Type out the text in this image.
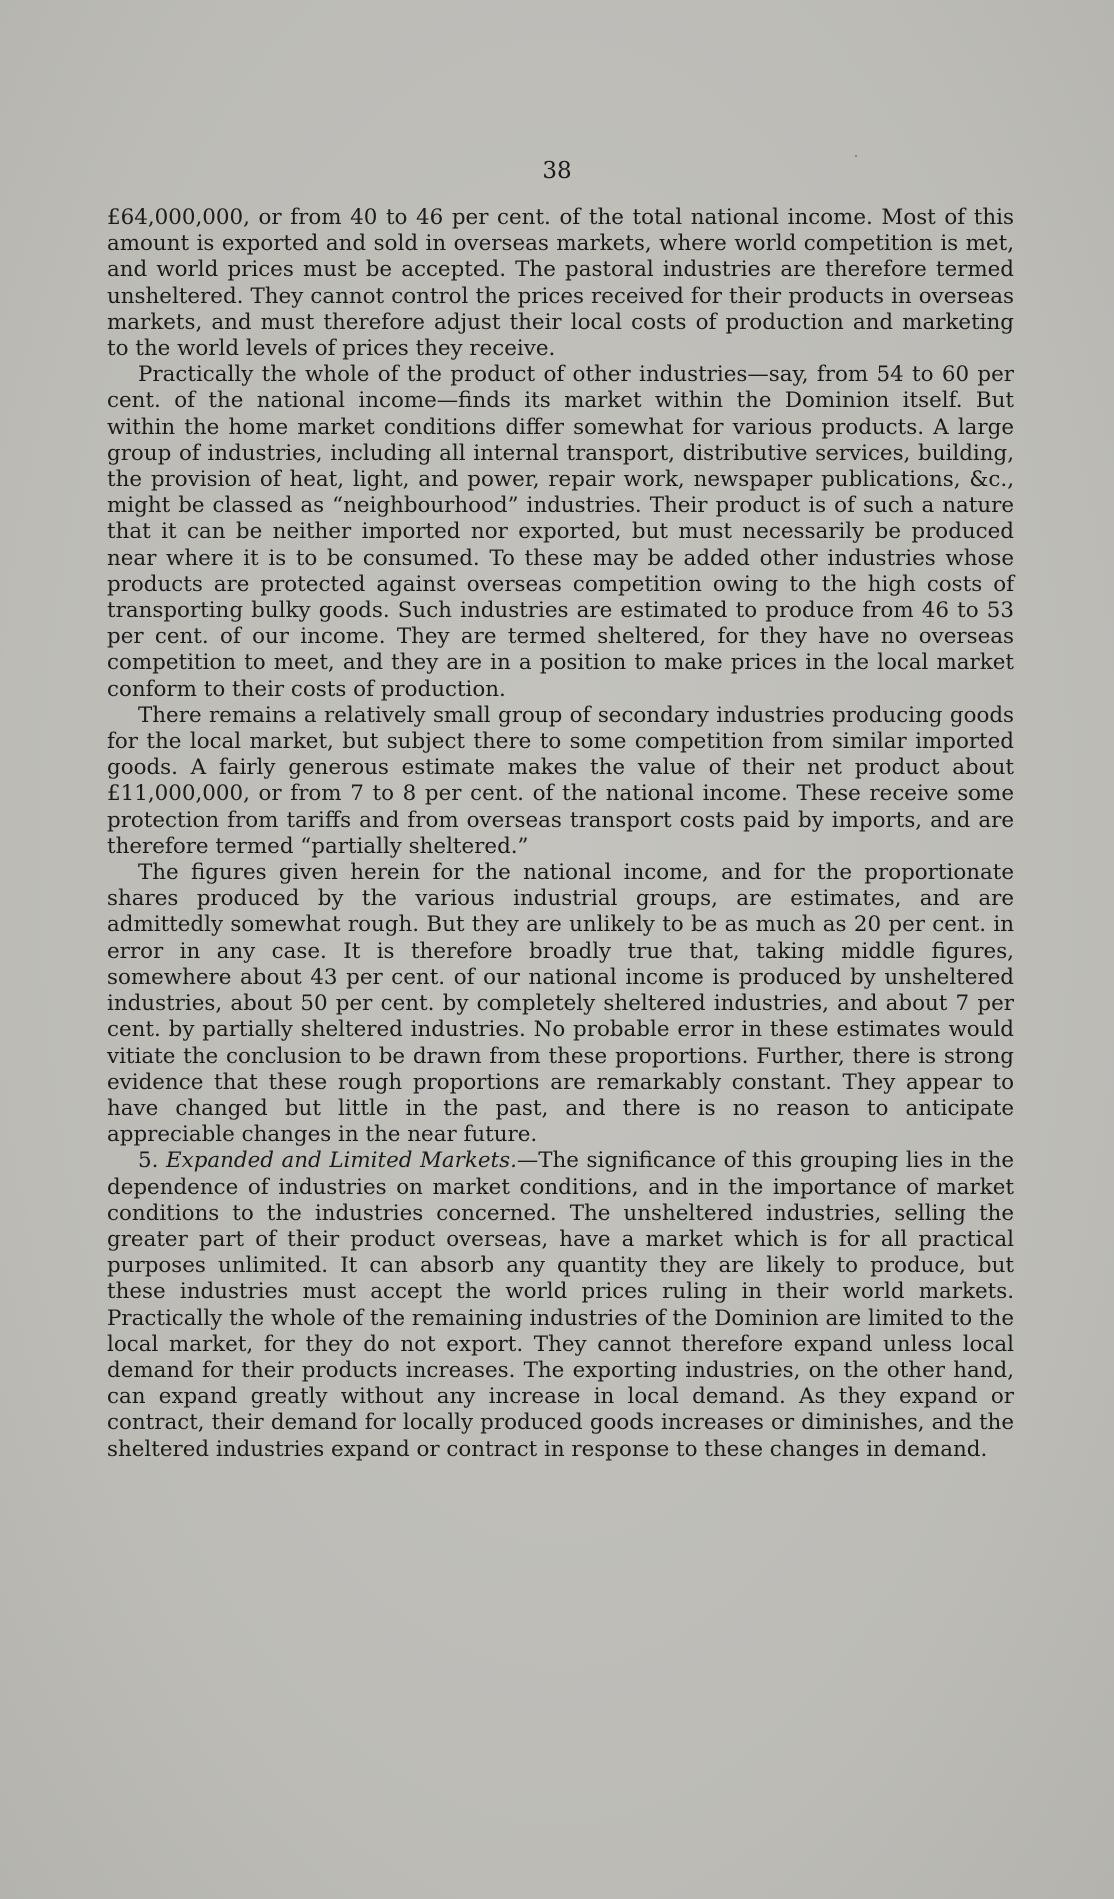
38

£64,000,000, or from 40 to 46 per cent. of the total national income. Most of this amount is exported and sold in overseas markets, where world competition is met, and world prices must be accepted. The pastoral industries are therefore termed unsheltered. They cannot control the prices received for their products in overseas markets, and must therefore adjust their local costs of production and marketing to the world levels of prices they receive.

Practically the whole of the product of other industries—say, from 54 to 60 per cent. of the national income—finds its market within the Dominion itself. But within the home market conditions differ somewhat for various products. A large group of industries, including all internal transport, distributive services, building, the provision of heat, light, and power, repair work, newspaper publications, &c., might be classed as “neighbourhood” industries. Their product is of such a nature that it can be neither imported nor exported, but must necessarily be produced near where it is to be consumed. To these may be added other industries whose products are protected against overseas competition owing to the high costs of transporting bulky goods. Such industries are estimated to produce from 46 to 53 per cent. of our income. They are termed sheltered, for they have no overseas competition to meet, and they are in a position to make prices in the local market conform to their costs of production.

There remains a relatively small group of secondary industries producing goods for the local market, but subject there to some competition from similar imported goods. A fairly generous estimate makes the value of their net product about £11,000,000, or from 7 to 8 per cent. of the national income. These receive some protection from tariffs and from overseas transport costs paid by imports, and are therefore termed “partially sheltered.”

The figures given herein for the national income, and for the proportionate shares produced by the various industrial groups, are estimates, and are admittedly somewhat rough. But they are unlikely to be as much as 20 per cent. in error in any case. It is therefore broadly true that, taking middle figures, somewhere about 43 per cent. of our national income is produced by unsheltered industries, about 50 per cent. by completely sheltered industries, and about 7 per cent. by partially sheltered industries. No probable error in these estimates would vitiate the conclusion to be drawn from these proportions. Further, there is strong evidence that these rough proportions are remarkably constant. They appear to have changed but little in the past, and there is no reason to anticipate appreciable changes in the near future.

5. Expanded and Limited Markets.—The significance of this grouping lies in the dependence of industries on market conditions, and in the importance of market conditions to the industries concerned. The unsheltered industries, selling the greater part of their product overseas, have a market which is for all practical purposes unlimited. It can absorb any quantity they are likely to produce, but these industries must accept the world prices ruling in their world markets. Practically the whole of the remaining industries of the Dominion are limited to the local market, for they do not export. They cannot therefore expand unless local demand for their products increases. The exporting industries, on the other hand, can expand greatly without any increase in local demand. As they expand or contract, their demand for locally produced goods increases or diminishes, and the sheltered industries expand or contract in response to these changes in demand.
